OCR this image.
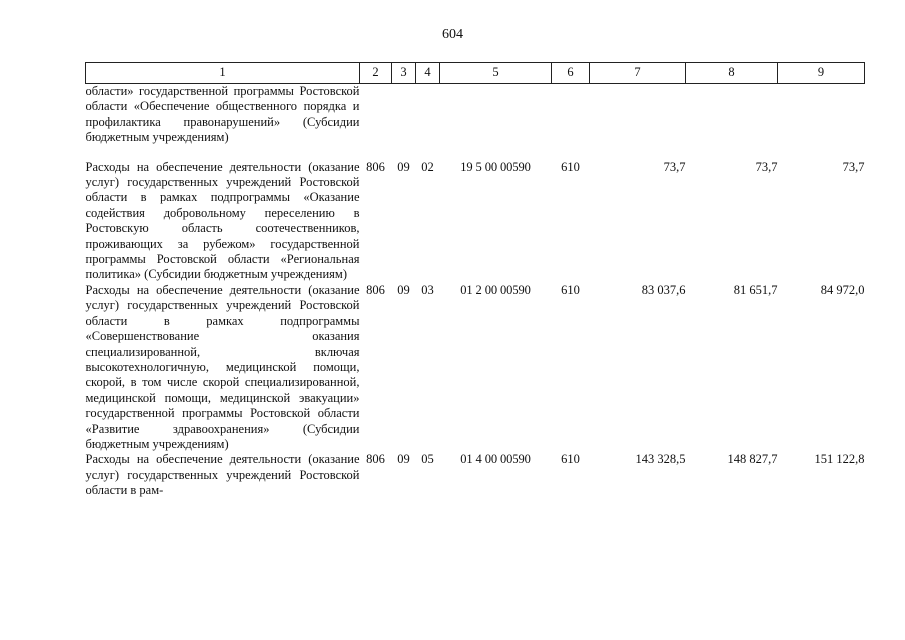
604
1	2	3	4	5	6	7	8	9
области» государственной программы Ростовской области «Обеспечение общественного порядка и профилактика правонарушений» (Субсидии бюджетным учреждениям)								
Расходы на обеспечение деятельности (оказание услуг) государственных учреждений Ростовской области в рамках подпрограммы «Оказание содействия добровольному переселению в Ростовскую область соотечественников, проживающих за рубежом» государственной программы Ростовской области «Региональная политика» (Субсидии бюджетным учреждениям)	806	09	02	19 5 00 00590	610	73,7	73,7	73,7
Расходы на обеспечение деятельности (оказание услуг) государственных учреждений Ростовской области в рамках подпрограммы «Совершенствование оказания специализированной, включая высокотехнологичную, медицинской помощи, скорой, в том числе скорой специализированной, медицинской помощи, медицинской эвакуации» государственной программы Ростовской области «Развитие здравоохранения» (Субсидии бюджетным учреждениям)	806	09	03	01 2 00 00590	610	83 037,6	81 651,7	84 972,0
Расходы на обеспечение деятельности (оказание услуг) государственных учреждений Ростовской области в рам-	806	09	05	01 4 00 00590	610	143 328,5	148 827,7	151 122,8
